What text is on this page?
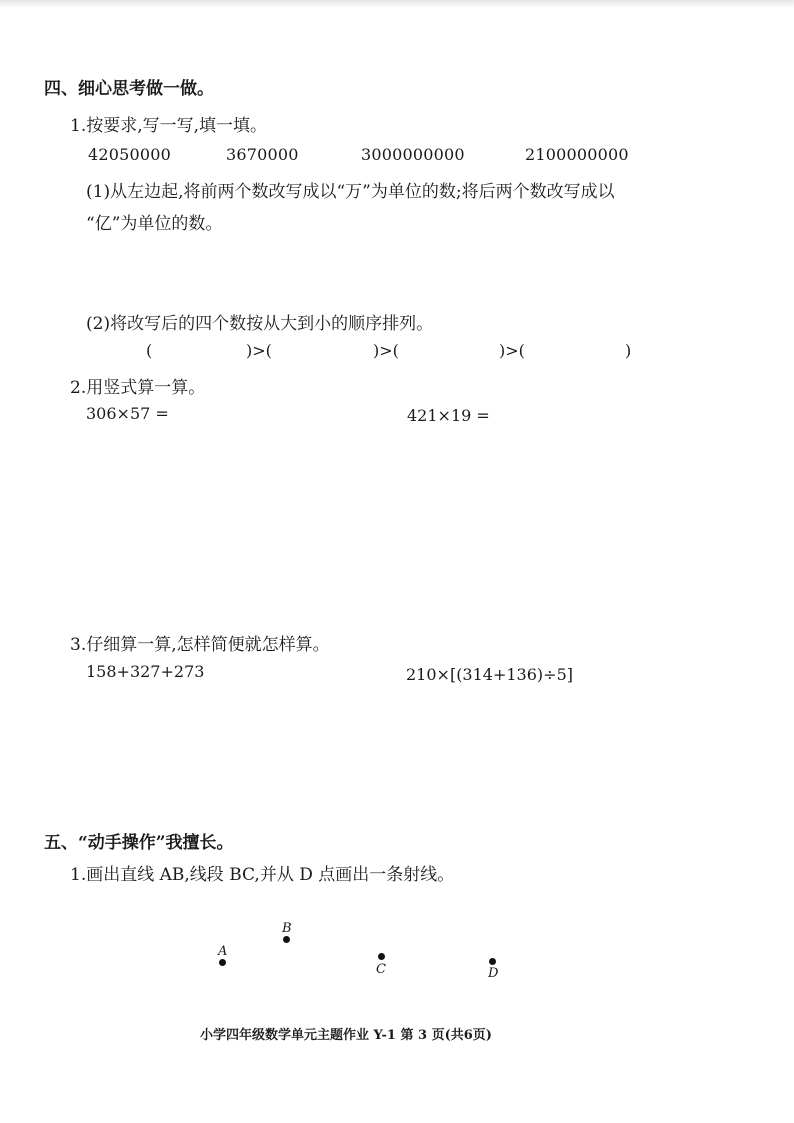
四、细心思考做一做。
1.按要求,写一写,填一填。
42050000	3670000	3000000000	2100000000
(1)从左边起,将前两个数改写成以“万”为单位的数;将后两个数改写成以
“亿”为单位的数。
(2)将改写后的四个数按从大到小的顺序排列。
(	)>(	)>(	)>(	)
2.用竖式算一算。
306×57 =	421×19 =
3.仔细算一算,怎样简便就怎样算。
158+327+273	210×[(314+136)÷5]
五、“动手操作”我擅长。
1.画出直线 AB,线段 BC,并从 D 点画出一条射线。
A
B
C	D
小学四年级数学单元主题作业 Y-1 第 3 页(共6页)
